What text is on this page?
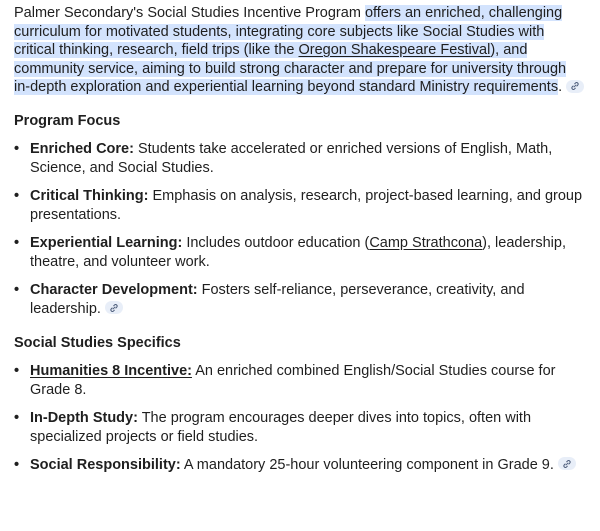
Palmer Secondary's Social Studies Incentive Program offers an enriched, challenging curriculum for motivated students, integrating core subjects like Social Studies with critical thinking, research, field trips (like the Oregon Shakespeare Festival), and community service, aiming to build strong character and prepare for university through in-depth exploration and experiential learning beyond standard Ministry requirements.

Program Focus
• Enriched Core: Students take accelerated or enriched versions of English, Math, Science, and Social Studies.
• Critical Thinking: Emphasis on analysis, research, project-based learning, and group presentations.
• Experiential Learning: Includes outdoor education (Camp Strathcona), leadership, theatre, and volunteer work.
• Character Development: Fosters self-reliance, perseverance, creativity, and leadership.
Social Studies Specifics
• Humanities 8 Incentive: An enriched combined English/Social Studies course for Grade 8.
• In-Depth Study: The program encourages deeper dives into topics, often with specialized projects or field studies.
• Social Responsibility: A mandatory 25-hour volunteering component in Grade 9.
